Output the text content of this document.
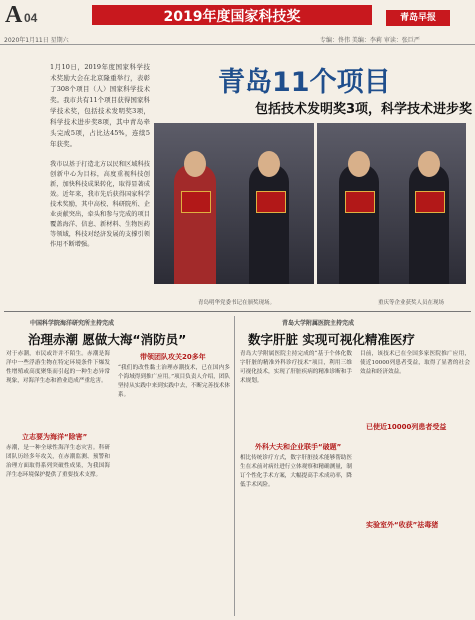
A 04	2019年度国家科技奖	青岛早报
2020年1月11日 星期六	专编：佟伟 美编：李莉 审读：张巨严
青岛11个项目
包括技术发明奖3项，科学技术进步奖
1月10日，2019年度国家科学技术奖励大会在北京隆重举行，表彰了308个项目（人）国家科学技术奖。我市共有11个项目获得国家科学技术奖，包括技术发明奖3项，科学技术进步奖8项，其中青岛牵头完成5项，占比达45%，连续5年获奖。
我市以基于打造北方以民和区域科技创新中心为目标，高度重视科技创新，加快科技成果转化，取得显著成效。近年来，我市先后获得国家科学技术奖励，其中高校、科研院所、企业贡献突出，牵头和参与完成的项目覆盖海洋、信息、新材料、生物医药等领域，科技对经济发展的支撑引领作用不断增强。
青岛明华党委书记在颁奖现场。	重庆等企业获奖人员在现场
中国科学院海洋研究所主持完成
治理赤潮 愿做大海“消防员”
对于赤潮，市民或许并不陌生。赤潮是海洋中一些浮游生物在特定环境条件下爆发性增殖或高度聚集而引起的一种生态异常现象，对海洋生态和渔业造成严重危害。
立志要为海洋“除害”
赤潮，是一种全球性海洋生态灾害。科研团队历经多年攻关，在赤潮监测、预警和治理方面取得系列突破性成果，为我国海洋生态环境保护提供了重要技术支撑。
带领团队攻关20多年
“我们的改性黏土治理赤潮技术，已在国内多个海域得到推广应用。”项目负责人介绍，团队坚持从实践中来到实践中去，不断完善技术体系。
青岛大学附属医院主持完成
数字肝脏 实现可视化精准医疗
青岛大学附属医院主持完成的“基于个体化数字肝脏的精准外科诊疗技术”项目，利用三维可视化技术，实现了肝脏疾病的精准诊断和手术规划。
外科大夫和企业联手“破题”
相比传统诊疗方式，数字肝脏技术能够帮助医生在术前对病灶进行立体观察和精确测量，制订个性化手术方案，大幅提高手术成功率，降低手术风险。
目前，该技术已在全国多家医院推广应用，使近10000列患者受益，取得了显著的社会效益和经济效益。
已使近10000列患者受益
实验室外“收获”祛毒猪
